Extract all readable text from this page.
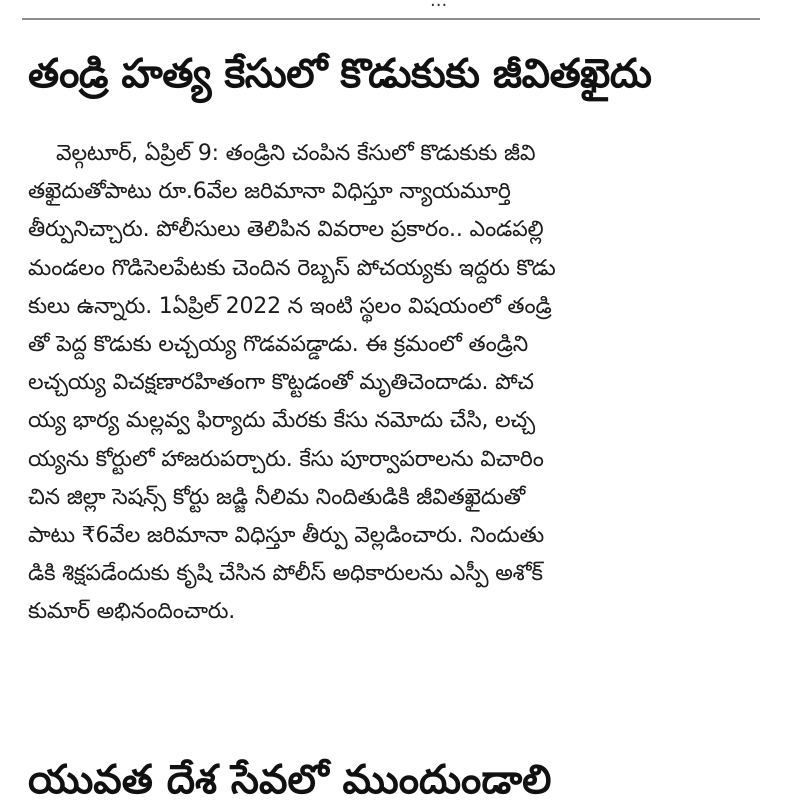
తండ్రి హత్య కేసులో కొడుకుకు జీవితఖైదు
వెల్గటూర్, ఏప్రిల్ 9: తండ్రిని చంపిన కేసులో కొడుకుకు జీవి
తఖైదుతోపాటు రూ.6వేల జరిమానా విధిస్తూ న్యాయమూర్తి
తీర్పునిచ్చారు. పోలీసులు తెలిపిన వివరాల ప్రకారం.. ఎండపల్లి
మండలం గొడిసెలపేటకు చెందిన రెబ్బస్ పోచయ్యకు ఇద్దరు కొడు
కులు ఉన్నారు. 1ఏప్రిల్ 2022 న ఇంటి స్థలం విషయంలో తండ్రి
తో పెద్ద కొడుకు లచ్చయ్య గొడవపడ్డాడు. ఈ క్రమంలో తండ్రిని
లచ్చయ్య విచక్షణారహితంగా కొట్టడంతో మృతిచెందాడు. పోచ
య్య భార్య మల్లవ్వ ఫిర్యాదు మేరకు కేసు నమోదు చేసి, లచ్చ
య్యను కోర్టులో హాజరుపర్చారు. కేసు పూర్వాపరాలను విచారిం
చిన జిల్లా సెషన్స్ కోర్టు జడ్జి నీలిమ నిందితుడికి జీవితఖైదుతో
పాటు ₹6వేల జరిమానా విధిస్తూ తీర్పు వెల్లడించారు. నిందుతు
డికి శిక్షపడేందుకు కృషి చేసిన పోలీస్ అధికారులను ఎస్పీ అశోక్
కుమార్ అభినందించారు.
యువత దేశ సేవలో ముందుండాలి
